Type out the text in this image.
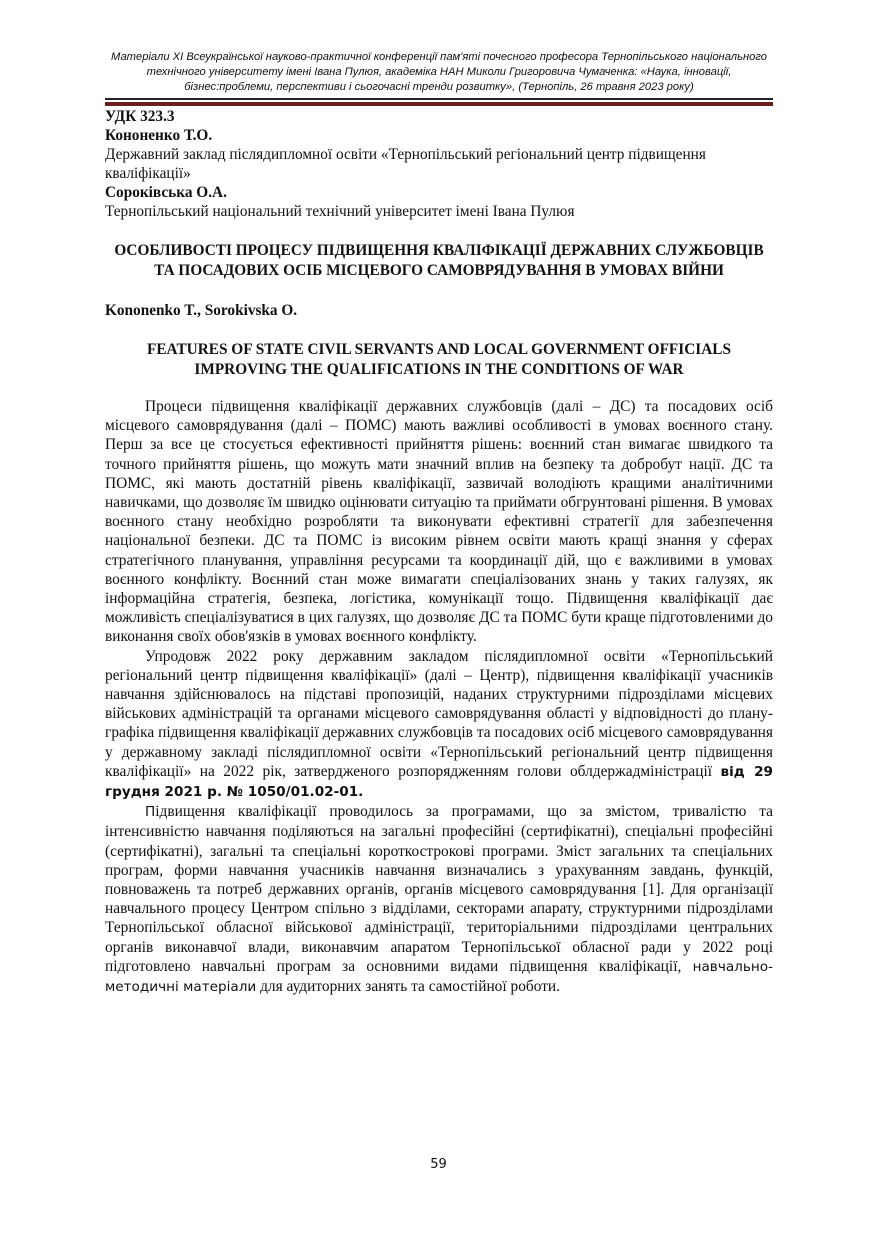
Матеріали XI Всеукраїнської науково-практичної конференції пам'яті почесного професора Тернопільського національного технічного університету імені Івана Пулюя, академіка НАН Миколи Григоровича Чумаченка: «Наука, інновації, бізнес:проблеми, перспективи і сьогочасні тренди розвитку», (Тернопіль, 26 травня 2023 року)

УДК 323.3

Кононенко Т.О.

Державний заклад післядипломної освіти «Тернопільський регіональний центр підвищення кваліфікації»

Сороківська О.А.

Тернопільський національний технічний університет імені Івана Пулюя

ОСОБЛИВОСТІ ПРОЦЕСУ ПІДВИЩЕННЯ КВАЛІФІКАЦІЇ ДЕРЖАВНИХ СЛУЖБОВЦІВ ТА ПОСАДОВИХ ОСІБ МІСЦЕВОГО САМОВРЯДУВАННЯ В УМОВАХ ВІЙНИ

Kononenko T., Sorokivska O.

FEATURES OF STATE CIVIL SERVANTS AND LOCAL GOVERNMENT OFFICIALS IMPROVING THE QUALIFICATIONS IN THE CONDITIONS OF WAR

Процеси підвищення кваліфікації державних службовців (далі – ДС) та посадових осіб місцевого самоврядування (далі – ПОМС) мають важливі особливості в умовах воєнного стану. Перш за все це стосується ефективності прийняття рішень: воєнний стан вимагає швидкого та точного прийняття рішень, що можуть мати значний вплив на безпеку та добробут нації. ДС та ПОМС, які мають достатній рівень кваліфікації, зазвичай володіють кращими аналітичними навичками, що дозволяє їм швидко оцінювати ситуацію та приймати обгрунтовані рішення. В умовах воєнного стану необхідно розробляти та виконувати ефективні стратегії для забезпечення національної безпеки. ДС та ПОМС із високим рівнем освіти мають кращі знання у сферах стратегічного планування, управління ресурсами та координації дій, що є важливими в умовах воєнного конфлікту. Воєнний стан може вимагати спеціалізованих знань у таких галузях, як інформаційна стратегія, безпека, логістика, комунікації тощо. Підвищення кваліфікації дає можливість спеціалізуватися в цих галузях, що дозволяє ДС та ПОМС бути краще підготовленими до виконання своїх обов'язків в умовах воєнного конфлікту.

Упродовж 2022 року державним закладом післядипломної освіти «Тернопільський регіональний центр підвищення кваліфікації» (далі – Центр), підвищення кваліфікації учасників навчання здійснювалось на підставі пропозицій, наданих структурними підрозділами місцевих військових адміністрацій та органами місцевого самоврядування області у відповідності до плану-графіка підвищення кваліфікації державних службовців та посадових осіб місцевого самоврядування у державному закладі післядипломної освіти «Тернопільський регіональний центр підвищення кваліфікації» на 2022 рік, затвердженого розпорядженням голови облдержадміністрації від 29 грудня 2021 р. № 1050/01.02-01.

Підвищення кваліфікації проводилось за програмами, що за змістом, тривалістю та інтенсивністю навчання поділяються на загальні професійні (сертифікатні), спеціальні професійні (сертифікатні), загальні та спеціальні короткострокові програми. Зміст загальних та спеціальних програм, форми навчання учасників навчання визначались з урахуванням завдань, функцій, повноважень та потреб державних органів, органів місцевого самоврядування [1]. Для організації навчального процесу Центром спільно з відділами, секторами апарату, структурними підрозділами Тернопільської обласної військової адміністрації, територіальними підрозділами центральних органів виконавчої влади, виконавчим апаратом Тернопільської обласної ради у 2022 році підготовлено навчальні програм за основними видами підвищення кваліфікації, навчально-методичні матеріали для аудиторних занять та самостійної роботи.

59
